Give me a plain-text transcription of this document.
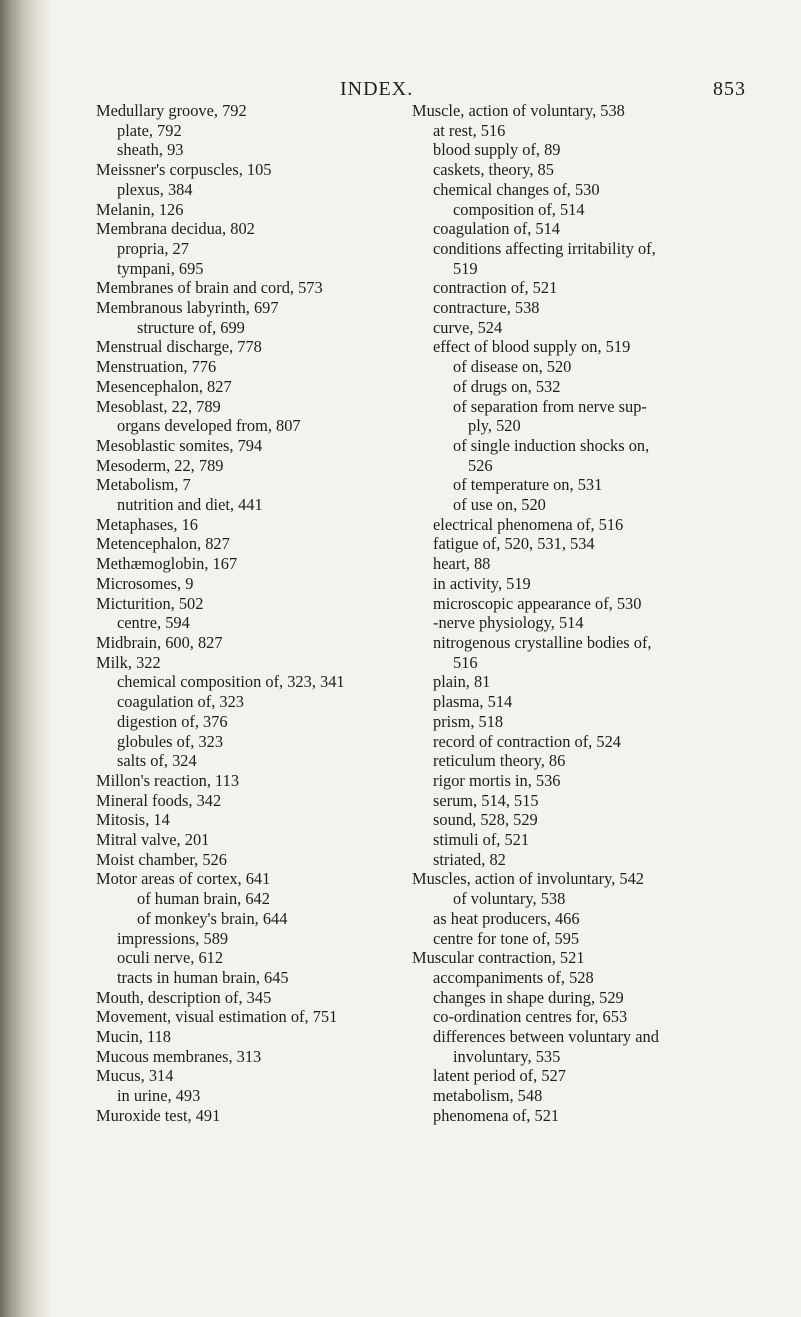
INDEX.	853
Medullary groove, 792
plate, 792
sheath, 93
Meissner's corpuscles, 105
plexus, 384
Melanin, 126
Membrana decidua, 802
propria, 27
tympani, 695
Membranes of brain and cord, 573
Membranous labyrinth, 697
structure of, 699
Menstrual discharge, 778
Menstruation, 776
Mesencephalon, 827
Mesoblast, 22, 789
organs developed from, 807
Mesoblastic somites, 794
Mesoderm, 22, 789
Metabolism, 7
nutrition and diet, 441
Metaphases, 16
Metencephalon, 827
Methæmoglobin, 167
Microsomes, 9
Micturition, 502
centre, 594
Midbrain, 600, 827
Milk, 322
chemical composition of, 323, 341
coagulation of, 323
digestion of, 376
globules of, 323
salts of, 324
Millon's reaction, 113
Mineral foods, 342
Mitosis, 14
Mitral valve, 201
Moist chamber, 526
Motor areas of cortex, 641
of human brain, 642
of monkey's brain, 644
impressions, 589
oculi nerve, 612
tracts in human brain, 645
Mouth, description of, 345
Movement, visual estimation of, 751
Mucin, 118
Mucous membranes, 313
Mucus, 314
in urine, 493
Muroxide test, 491
Muscle, action of voluntary, 538
at rest, 516
blood supply of, 89
caskets, theory, 85
chemical changes of, 530
composition of, 514
coagulation of, 514
conditions affecting irritability of,
519
contraction of, 521
contracture, 538
curve, 524
effect of blood supply on, 519
of disease on, 520
of drugs on, 532
of separation from nerve sup-
ply, 520
of single induction shocks on,
526
of temperature on, 531
of use on, 520
electrical phenomena of, 516
fatigue of, 520, 531, 534
heart, 88
in activity, 519
microscopic appearance of, 530
-nerve physiology, 514
nitrogenous crystalline bodies of,
516
plain, 81
plasma, 514
prism, 518
record of contraction of, 524
reticulum theory, 86
rigor mortis in, 536
serum, 514, 515
sound, 528, 529
stimuli of, 521
striated, 82
Muscles, action of involuntary, 542
of voluntary, 538
as heat producers, 466
centre for tone of, 595
Muscular contraction, 521
accompaniments of, 528
changes in shape during, 529
co-ordination centres for, 653
differences between voluntary and
involuntary, 535
latent period of, 527
metabolism, 548
phenomena of, 521
